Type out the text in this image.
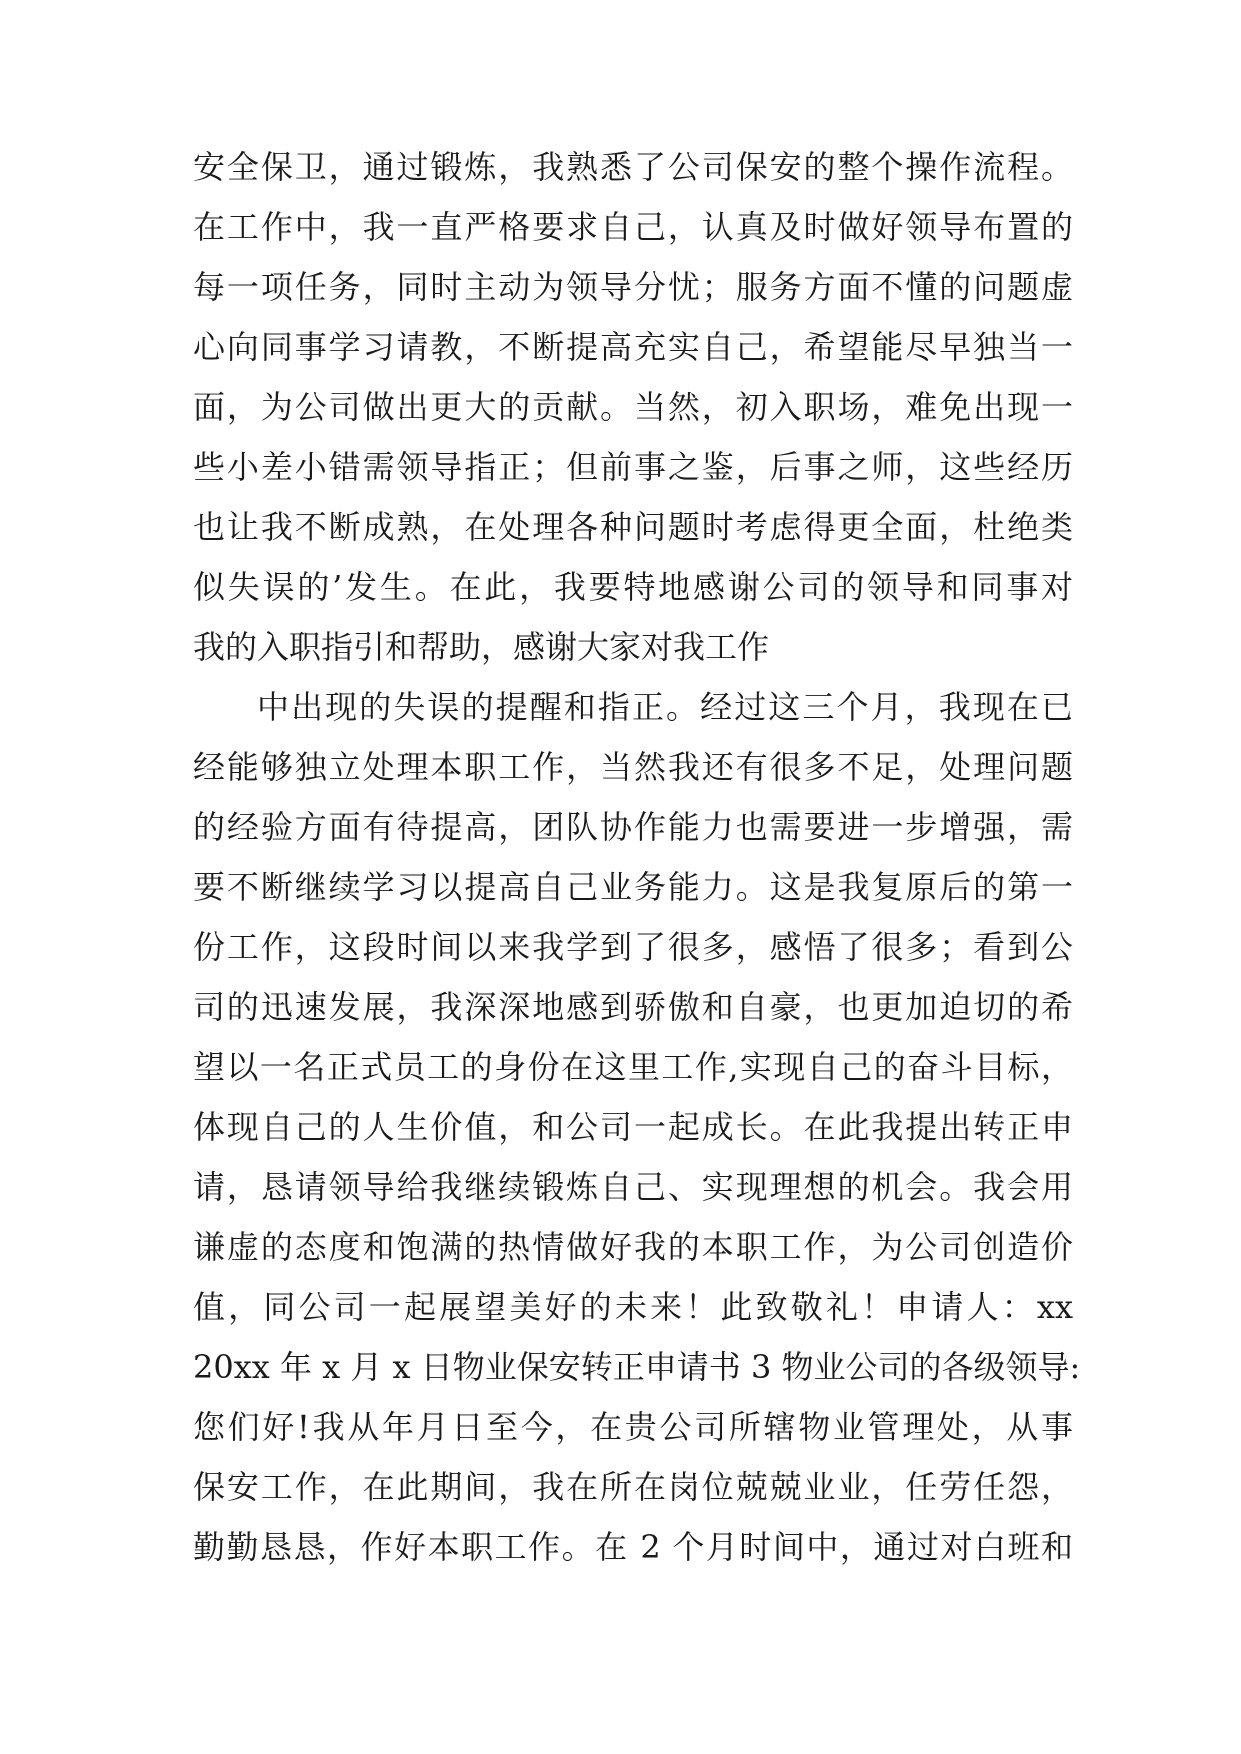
安全保卫，通过锻炼，我熟悉了公司保安的整个操作流程。
在工作中，我一直严格要求自己，认真及时做好领导布置的
每一项任务，同时主动为领导分忧；服务方面不懂的问题虚
心向同事学习请教，不断提高充实自己，希望能尽早独当一
面，为公司做出更大的贡献。当然，初入职场，难免出现一
些小差小错需领导指正；但前事之鉴，后事之师，这些经历
也让我不断成熟，在处理各种问题时考虑得更全面，杜绝类
似失误的’发生。在此，我要特地感谢公司的领导和同事对
我的入职指引和帮助，感谢大家对我工作
中出现的失误的提醒和指正。经过这三个月，我现在已
经能够独立处理本职工作，当然我还有很多不足，处理问题
的经验方面有待提高，团队协作能力也需要进一步增强，需
要不断继续学习以提高自己业务能力。这是我复原后的第一
份工作，这段时间以来我学到了很多，感悟了很多；看到公
司的迅速发展，我深深地感到骄傲和自豪，也更加迫切的希
望以一名正式员工的身份在这里工作,实现自己的奋斗目标，
体现自己的人生价值，和公司一起成长。在此我提出转正申
请，恳请领导给我继续锻炼自己、实现理想的机会。我会用
谦虚的态度和饱满的热情做好我的本职工作，为公司创造价
值，同公司一起展望美好的未来！此致敬礼！申请人：xx
20xx 年 x 月 x 日物业保安转正申请书 3 物业公司的各级领导:
您们好!我从年月日至今，在贵公司所辖物业管理处，从事
保安工作，在此期间，我在所在岗位兢兢业业，任劳任怨，
勤勤恳恳，作好本职工作。在 2 个月时间中，通过对白班和
